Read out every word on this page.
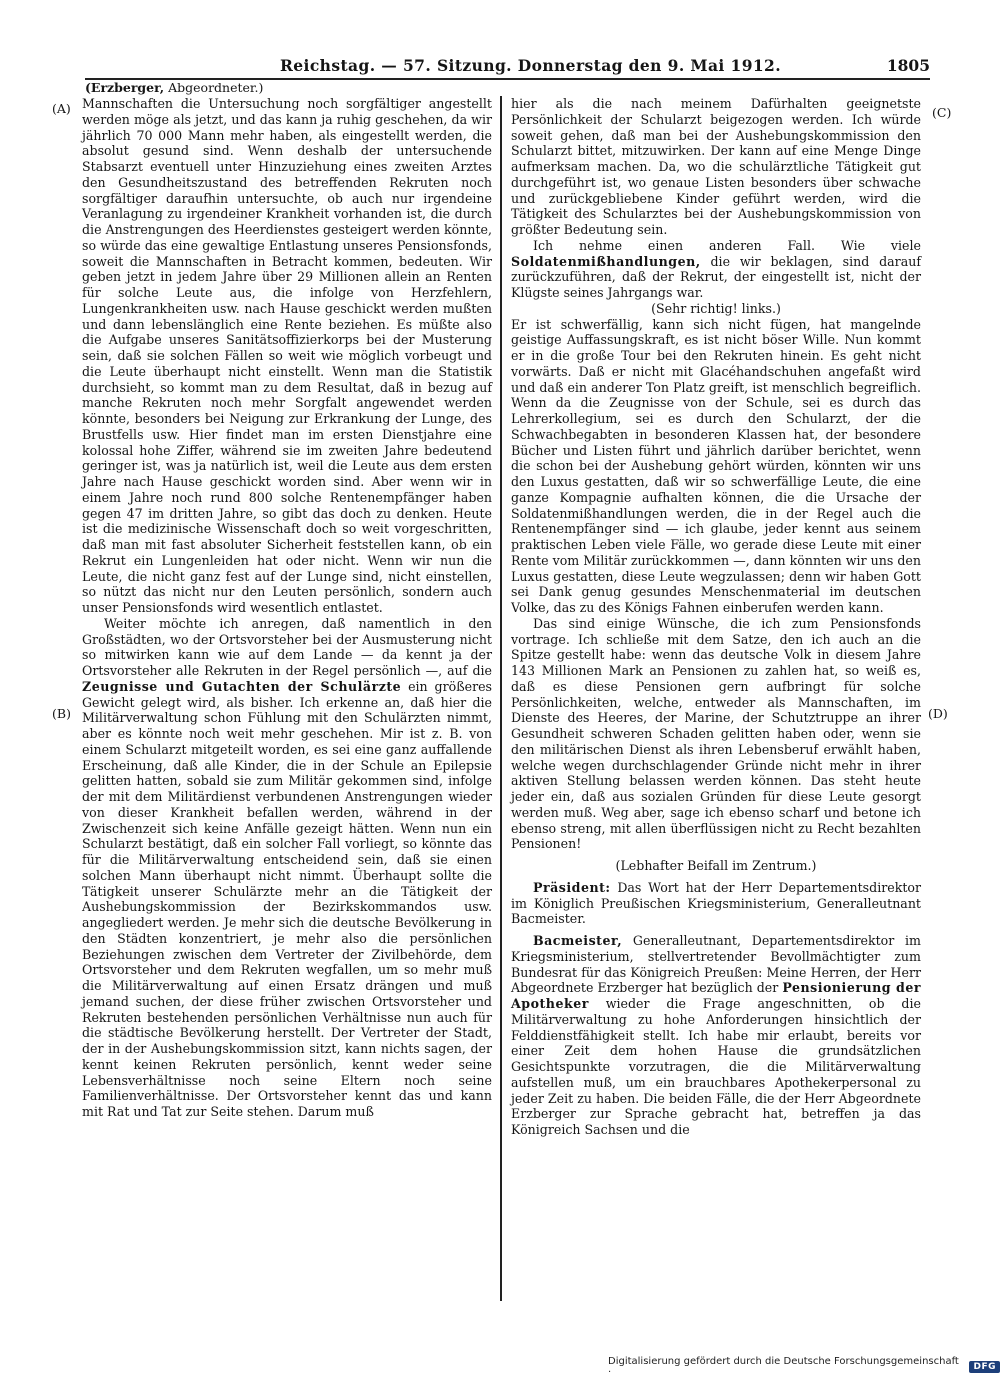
Reichstag. — 57. Sitzung. Donnerstag den 9. Mai 1912.	1805
(Erzberger, Abgeordneter.)
(A)
(B)
(C)
(D)

Mannschaften die Untersuchung noch sorgfältiger angestellt werden möge als jetzt, und das kann ja ruhig geschehen, da wir jährlich 70 000 Mann mehr haben, als eingestellt werden, die absolut gesund sind. Wenn deshalb der untersuchende Stabsarzt eventuell unter Hinzuziehung eines zweiten Arztes den Gesundheitszustand des betreffenden Rekruten noch sorgfältiger daraufhin untersuchte, ob auch nur irgendeine Veranlagung zu irgendeiner Krankheit vorhanden ist, die durch die Anstrengungen des Heerdienstes gesteigert werden könnte, so würde das eine gewaltige Entlastung unseres Pensionsfonds, soweit die Mannschaften in Betracht kommen, bedeuten. Wir geben jetzt in jedem Jahre über 29 Millionen allein an Renten für solche Leute aus, die infolge von Herzfehlern, Lungenkrankheiten usw. nach Hause geschickt werden mußten und dann lebenslänglich eine Rente beziehen. Es müßte also die Aufgabe unseres Sanitätsoffizierkorps bei der Musterung sein, daß sie solchen Fällen so weit wie möglich vorbeugt und die Leute überhaupt nicht einstellt. Wenn man die Statistik durchsieht, so kommt man zu dem Resultat, daß in bezug auf manche Rekruten noch mehr Sorgfalt angewendet werden könnte, besonders bei Neigung zur Erkrankung der Lunge, des Brustfells usw. Hier findet man im ersten Dienstjahre eine kolossal hohe Ziffer, während sie im zweiten Jahre bedeutend geringer ist, was ja natürlich ist, weil die Leute aus dem ersten Jahre nach Hause geschickt worden sind. Aber wenn wir in einem Jahre noch rund 800 solche Rentenempfänger haben gegen 47 im dritten Jahre, so gibt das doch zu denken. Heute ist die medizinische Wissenschaft doch so weit vorgeschritten, daß man mit fast absoluter Sicherheit feststellen kann, ob ein Rekrut ein Lungenleiden hat oder nicht. Wenn wir nun die Leute, die nicht ganz fest auf der Lunge sind, nicht einstellen, so nützt das nicht nur den Leuten persönlich, sondern auch unser Pensionsfonds wird wesentlich entlastet.

Weiter möchte ich anregen, daß namentlich in den Großstädten, wo der Ortsvorsteher bei der Ausmusterung nicht so mitwirken kann wie auf dem Lande — da kennt ja der Ortsvorsteher alle Rekruten in der Regel persönlich —, auf die Zeugnisse und Gutachten der Schulärzte ein größeres Gewicht gelegt wird, als bisher. Ich erkenne an, daß hier die Militärverwaltung schon Fühlung mit den Schulärzten nimmt, aber es könnte noch weit mehr geschehen. Mir ist z. B. von einem Schularzt mitgeteilt worden, es sei eine ganz auffallende Erscheinung, daß alle Kinder, die in der Schule an Epilepsie gelitten hatten, sobald sie zum Militär gekommen sind, infolge der mit dem Militärdienst verbundenen Anstrengungen wieder von dieser Krankheit befallen werden, während in der Zwischenzeit sich keine Anfälle gezeigt hätten. Wenn nun ein Schularzt bestätigt, daß ein solcher Fall vorliegt, so könnte das für die Militärverwaltung entscheidend sein, daß sie einen solchen Mann überhaupt nicht nimmt. Überhaupt sollte die Tätigkeit unserer Schulärzte mehr an die Tätigkeit der Aushebungskommission der Bezirkskommandos usw. angegliedert werden. Je mehr sich die deutsche Bevölkerung in den Städten konzentriert, je mehr also die persönlichen Beziehungen zwischen dem Vertreter der Zivilbehörde, dem Ortsvorsteher und dem Rekruten wegfallen, um so mehr muß die Militärverwaltung auf einen Ersatz drängen und muß jemand suchen, der diese früher zwischen Ortsvorsteher und Rekruten bestehenden persönlichen Verhältnisse nun auch für die städtische Bevölkerung herstellt. Der Vertreter der Stadt, der in der Aushebungskommission sitzt, kann nichts sagen, der kennt keinen Rekruten persönlich, kennt weder seine Lebensverhältnisse noch seine Eltern noch seine Familienverhältnisse. Der Ortsvorsteher kennt das und kann mit Rat und Tat zur Seite stehen. Darum muß

hier als die nach meinem Dafürhalten geeignetste Persönlichkeit der Schularzt beigezogen werden. Ich würde soweit gehen, daß man bei der Aushebungskommission den Schularzt bittet, mitzuwirken. Der kann auf eine Menge Dinge aufmerksam machen. Da, wo die schulärztliche Tätigkeit gut durchgeführt ist, wo genaue Listen besonders über schwache und zurückgebliebene Kinder geführt werden, wird die Tätigkeit des Schularztes bei der Aushebungskommission von größter Bedeutung sein.

Ich nehme einen anderen Fall. Wie viele Soldatenmißhandlungen, die wir beklagen, sind darauf zurückzuführen, daß der Rekrut, der eingestellt ist, nicht der Klügste seines Jahrgangs war.

(Sehr richtig! links.)

Er ist schwerfällig, kann sich nicht fügen, hat mangelnde geistige Auffassungskraft, es ist nicht böser Wille. Nun kommt er in die große Tour bei den Rekruten hinein. Es geht nicht vorwärts. Daß er nicht mit Glacéhandschuhen angefaßt wird und daß ein anderer Ton Platz greift, ist menschlich begreiflich. Wenn da die Zeugnisse von der Schule, sei es durch das Lehrerkollegium, sei es durch den Schularzt, der die Schwachbegabten in besonderen Klassen hat, der besondere Bücher und Listen führt und jährlich darüber berichtet, wenn die schon bei der Aushebung gehört würden, könnten wir uns den Luxus gestatten, daß wir so schwerfällige Leute, die eine ganze Kompagnie aufhalten können, die die Ursache der Soldatenmißhandlungen werden, die in der Regel auch die Rentenempfänger sind — ich glaube, jeder kennt aus seinem praktischen Leben viele Fälle, wo gerade diese Leute mit einer Rente vom Militär zurückkommen —, dann könnten wir uns den Luxus gestatten, diese Leute wegzulassen; denn wir haben Gott sei Dank genug gesundes Menschenmaterial im deutschen Volke, das zu des Königs Fahnen einberufen werden kann.

Das sind einige Wünsche, die ich zum Pensionsfonds vortrage. Ich schließe mit dem Satze, den ich auch an die Spitze gestellt habe: wenn das deutsche Volk in diesem Jahre 143 Millionen Mark an Pensionen zu zahlen hat, so weiß es, daß es diese Pensionen gern aufbringt für solche Persönlichkeiten, welche, entweder als Mannschaften, im Dienste des Heeres, der Marine, der Schutztruppe an ihrer Gesundheit schweren Schaden gelitten haben oder, wenn sie den militärischen Dienst als ihren Lebensberuf erwählt haben, welche wegen durchschlagender Gründe nicht mehr in ihrer aktiven Stellung belassen werden können. Das steht heute jeder ein, daß aus sozialen Gründen für diese Leute gesorgt werden muß. Weg aber, sage ich ebenso scharf und betone ich ebenso streng, mit allen überflüssigen nicht zu Recht bezahlten Pensionen!

(Lebhafter Beifall im Zentrum.)

Präsident: Das Wort hat der Herr Departementsdirektor im Königlich Preußischen Kriegsministerium, Generalleutnant Bacmeister.

Bacmeister, Generalleutnant, Departementsdirektor im Kriegsministerium, stellvertretender Bevollmächtigter zum Bundesrat für das Königreich Preußen: Meine Herren, der Herr Abgeordnete Erzberger hat bezüglich der Pensionierung der Apotheker wieder die Frage angeschnitten, ob die Militärverwaltung zu hohe Anforderungen hinsichtlich der Felddienstfähigkeit stellt. Ich habe mir erlaubt, bereits vor einer Zeit dem hohen Hause die grundsätzlichen Gesichtspunkte vorzutragen, die die Militärverwaltung aufstellen muß, um ein brauchbares Apothekerpersonal zu jeder Zeit zu haben. Die beiden Fälle, die der Herr Abgeordnete Erzberger zur Sprache gebracht hat, betreffen ja das Königreich Sachsen und die

Digitalisierung gefördert durch die Deutsche Forschungsgemeinschaft ·	DFG
